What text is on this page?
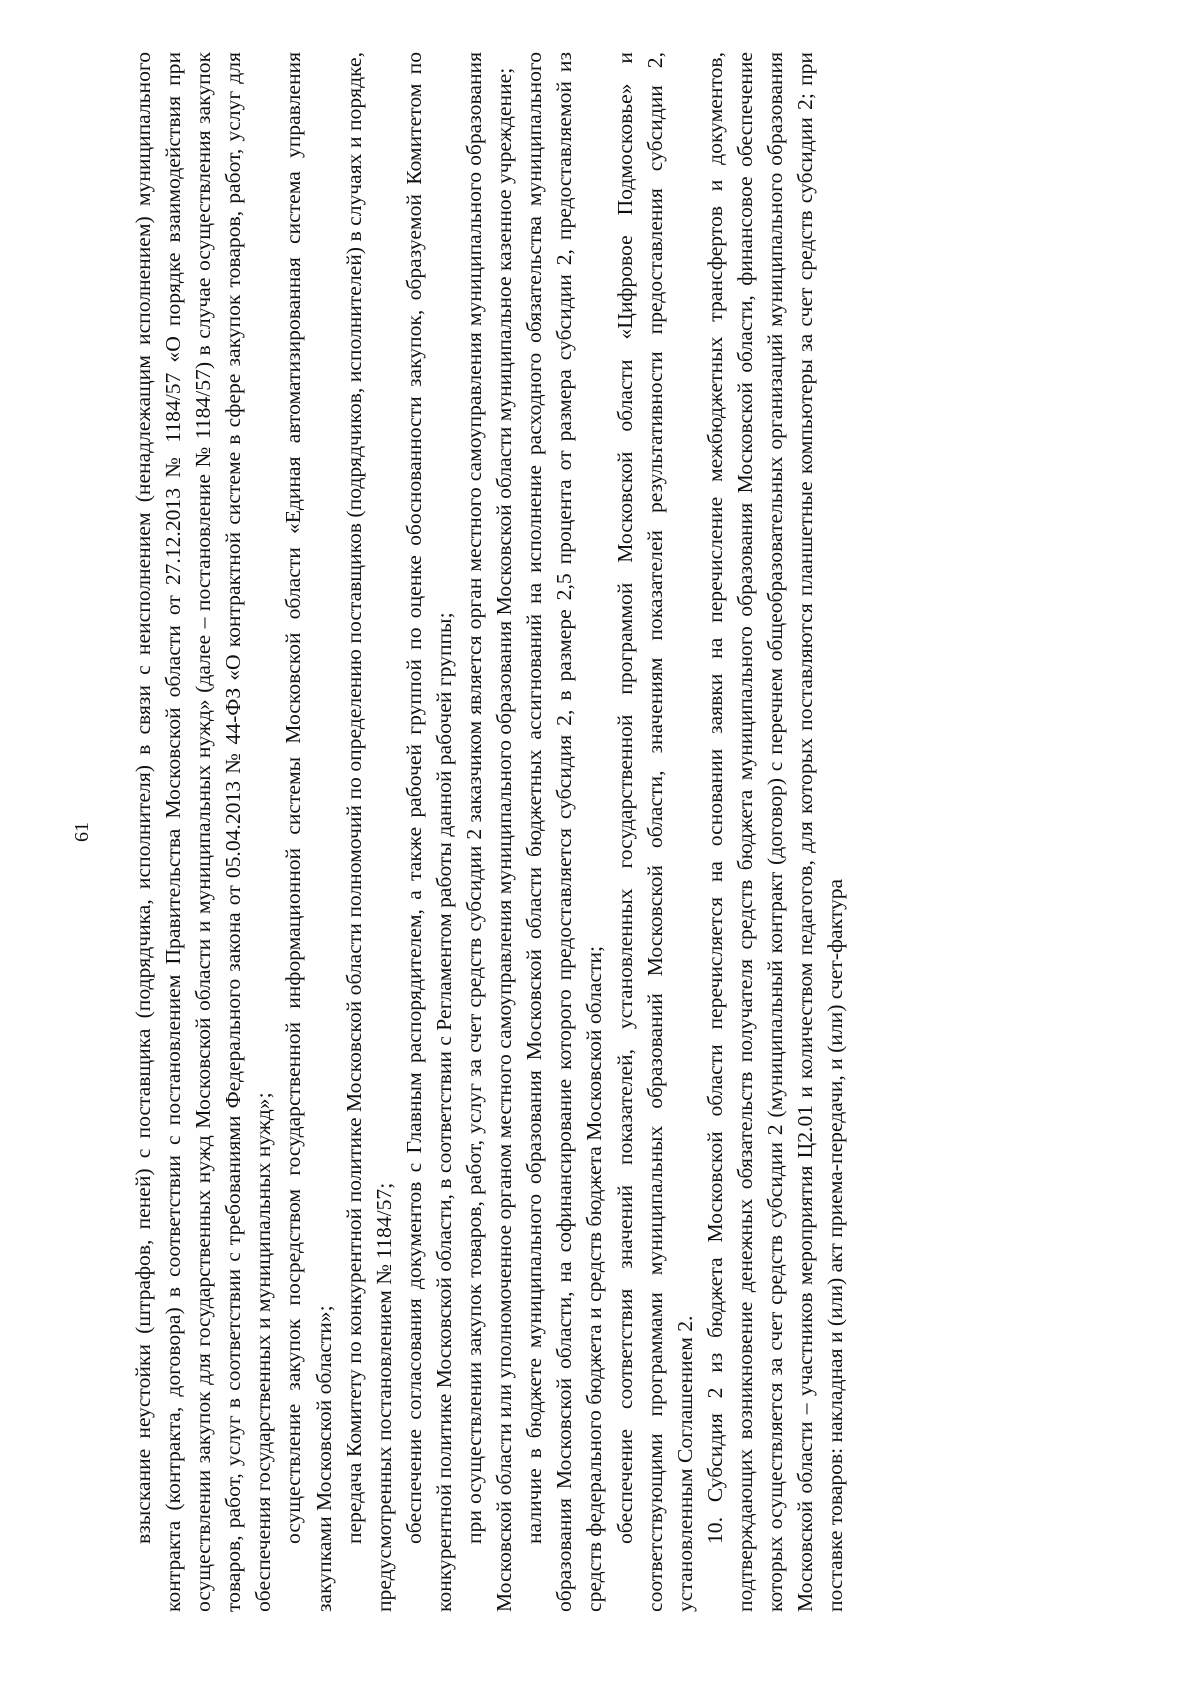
61 взыскание неустойки (штрафов, пеней) с поставщика (подрядчика, исполнителя) в связи с неисполнением (ненадлежащим исполнением) муниципального контракта (контракта, договора) в соответствии с постановлением Правительства Московской области от 27.12.2013 № 1184/57 «О порядке взаимодействия при осуществлении закупок для государственных нужд Московской области и муниципальных нужд» (далее – постановление № 1184/57) в случае осуществления закупок товаров, работ, услуг в соответствии с требованиями Федерального закона от 05.04.2013 № 44-ФЗ «О контрактной системе в сфере закупок товаров, работ, услуг для обеспечения государственных и муниципальных нужд»; осуществление закупок посредством государственной информационной системы Московской области «Единая автоматизированная система управления закупками Московской области»; передача Комитету по конкурентной политике Московской области полномочий по определению поставщиков (подрядчиков, исполнителей) в случаях и порядке, предусмотренных постановлением № 1184/57; обеспечение согласования документов с Главным распорядителем, а также рабочей группой по оценке обоснованности закупок, образуемой Комитетом по конкурентной политике Московской области, в соответствии с Регламентом работы данной рабочей группы; при осуществлении закупок товаров, работ, услуг за счет средств субсидии 2 заказчиком является орган местного самоуправления муниципального образования Московской области или уполномоченное органом местного самоуправления муниципального образования Московской области муниципальное казенное учреждение; наличие в бюджете муниципального образования Московской области бюджетных ассигнований на исполнение расходного обязательства муниципального образования Московской области, на софинансирование которого предоставляется субсидия 2, в размере 2,5 процента от размера субсидии 2, предоставляемой из средств федерального бюджета и средств бюджета Московской области; обеспечение соответствия значений показателей, установленных государственной программой Московской области «Цифровое Подмосковье» и соответствующими программами муниципальных образований Московской области, значениям показателей результативности предоставления субсидии 2, установленным Соглашением 2. 10. Субсидия 2 из бюджета Московской области перечисляется на основании заявки на перечисление межбюджетных трансфертов и документов, подтверждающих возникновение денежных обязательств получателя средств бюджета муниципального образования Московской области, финансовое обеспечение которых осуществляется за счет средств субсидии 2 (муниципальный контракт (договор) с перечнем общеобразовательных организаций муниципального образования Московской области – участников мероприятия Ц2.01 и количеством педагогов, для которых поставляются планшетные компьютеры за счет средств субсидии 2; при поставке товаров: накладная и (или) акт приема-передачи, и (или) счет-фактура
